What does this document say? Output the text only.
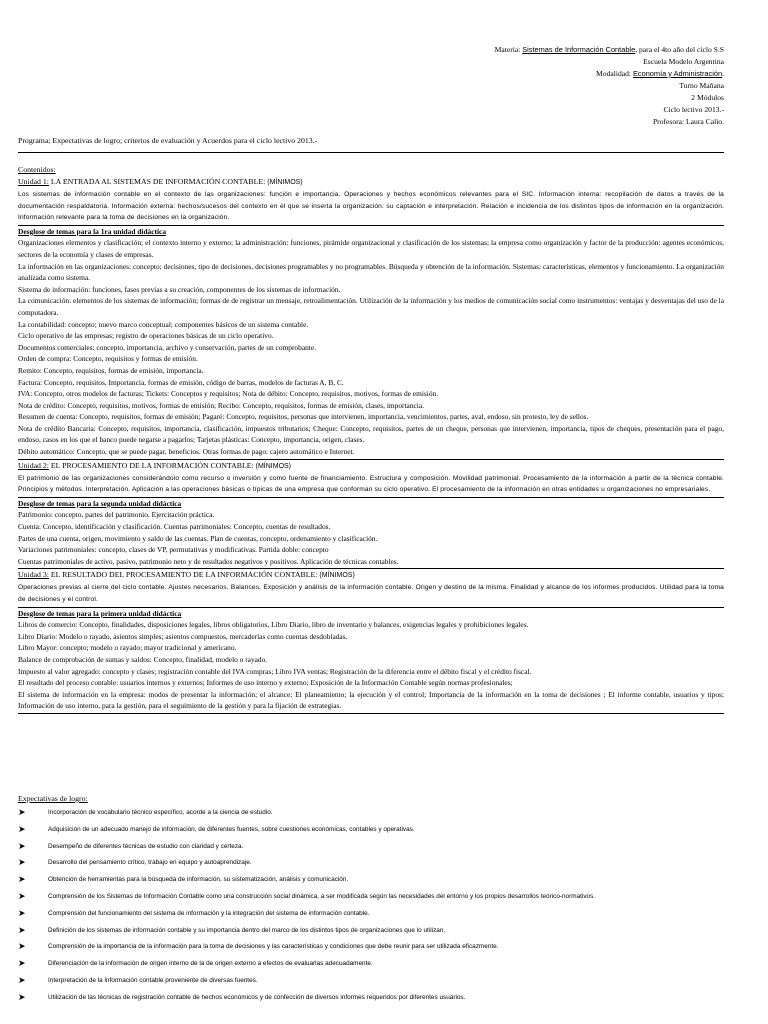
Materia: Sistemas de Información Contable, para el 4to año del ciclo S.S
Escuela Modelo Argentina
Modalidad: Economía y Administración.
Turno Mañana
2 Módulos
Ciclo lectivo 2013.-
Profesora: Laura Calio.
Programa; Expectativas de logro; criterios de evaluación y Acuerdos para el ciclo lectivo 2013.-
Contenidos:
Unidad 1: LA ENTRADA AL SISTEMAS DE INFORMACIÓN CONTABLE: (MÍNIMOS)
Los sistemas de información contable en el contexto de las organizaciones: función e importancia. Operaciones y hechos económicos relevantes para el SIC. Información interna: recopilación de datos a través de la documentación respaldatoria. Información externa: hechos/sucesos del contexto en el que se inserta la organización: su captación e interpretación. Relación e incidencia de los distintos tipos de información en la organización. Información relevante para la toma de decisiones en la organización.
Desglose de temas para la 1ra unidad didáctica
Organizaciones elementos y clasificación; el contexto interno y externo; la administración: funciones, pirámide organizacional y clasificación de los sistemas; la empresa como organización y factor de la producción: agentes económicos, sectores de la economía y clases de empresas.
La información en las organizaciones: concepto; decisiones, tipo de decisiones, decisiones programables y no programables. Búsqueda y obtención de la información. Sistemas: características, elementos y funcionamiento. La organización analizada como sistema.
Sistema de información: funciones, fases previas a su creación, componentes de los sistemas de información.
La comunicación: elementos de los sistemas de información; formas de de registrar un mensaje, retroalimentación. Utilización de la información y los medios de comunicación social como instrumentos: ventajas y desventajas del uso de la computadora.
La contabilidad: concepto; nuevo marco conceptual; componentes básicos de un sistema contable.
Ciclo operativo de las empresas; registro de operaciones básicas de un ciclo operativo.
Documentos comerciales: concepto, importancia, archivo y conservación, partes de un comprobante.
Orden de compra: Concepto, requisitos y formas de emisión.
Remito: Concepto, requisitos, formas de emisión, importancia.
Factura: Concepto, requisitos, Importancia, formas de emisión, código de barras, modelos de facturas A, B, C.
IVA: Concepto, otros modelos de facturas; Tickets: Conceptos y requisitos; Nota de débito: Concepto, requisitos, motivos, formas de emisión.
Nota de crédito: Concepto, requisitos, motivos, formas de emisión; Recibo: Concepto, requisitos, formas de emisión, clases, importancia.
Resumen de cuenta: Concepto, requisitos, formas de emisión; Pagaré: Concepto, requisitos, personas que intervienen, importancia, vencimientos, partes, aval, endoso, sin protesto, ley de sellos.
Nota de crédito Bancaria: Concepto, requisitos, importancia, clasificación, impuestos tributarios; Cheque: Concepto, requisitos, partes de un cheque, personas que intervienen, importancia, tipos de cheques, presentación para el pago, endoso, casos en los que el banco puede negarse a pagarlos; Tarjetas plásticas: Concepto, importancia, origen, clases.
Débito automático: Concepto, que se puede pagar, beneficios. Otras formas de pago: cajero automático e Internet.
Unidad 2: EL PROCESAMIENTO DE LA INFORMACIÓN CONTABLE: (MÍNIMOS)
El patrimonio de las organizaciones considerándolo como recurso o inversión y como fuente de financiamiento. Estructura y composición. Movilidad patrimonial. Procesamiento de la información a partir de la técnica contable. Principios y métodos. Interpretación. Aplicación a las operaciones básicas o típicas de una empresa que conforman su ciclo operativo. El procesamiento de la información en otras entidades u organizaciones no empresariales.
Desglose de temas para la segunda unidad didáctica
Patrimonio: concepto, partes del patrimonio. Ejercitación práctica.
Cuenta: Concepto, identificación y clasificación. Cuentas patrimoniales: Concepto, cuentas de resultados.
Partes de una cuenta, origen, movimiento y saldo de las cuentas. Plan de cuentas, concepto, ordenamiento y clasificación.
Variaciones patrimoniales: concepto, clases de VP, permutativas y modificativas. Partida doble: concepto
Cuentas patrimoniales de activo, pasivo, patrimonio neto y de resultados negativos y positivos. Aplicación de técnicas contables.
Unidad 3: EL RESULTADO DEL PROCESAMIENTO DE LA INFORMACIÓN CONTABLE: (MÍNIMOS)
Operaciones previas al cierre del ciclo contable. Ajustes necesarios. Balances. Exposición y análisis de la información contable. Origen y destino de la misma. Finalidad y alcance de los informes producidos. Utilidad para la toma de decisiones y el control.
Desglose de temas para la primera unidad didáctica
Libros de comercio: Concepto, finalidades, disposiciones legales, libros obligatorios, Libro Diario, libro de inventario y balances, exigencias legales y prohibiciones legales.
Libro Diario: Modelo o rayado, asientos simples; asientos compuestos, mercaderías como cuentas desdobladas.
Libro Mayor: concepto; modelo o rayado; mayor tradicional y americano.
Balance de comprobación de sumas y saldos: Concepto, finalidad, modelo o rayado.
Impuesto al valor agregado: concepto y clases; registración contable del IVA compras; Libro IVA ventas; Registración de la diferencia entre el débito fiscal y el crédito fiscal.
El resultado del proceso contable: usuarios internos y externos; Informes de uso interno y externo; Exposición de la Información Contable según normas profesionales;
El sistema de información en la empresa: modos de presentar la información; el alcance; El planeamiento; la ejecución y el control; Importancia de la información en la toma de decisiones ; El informe contable, usuarios y tipos; Información de uso interno, para la gestión, para el seguimiento de la gestión y para la fijación de estrategias.
Expectativas de logro:
➤	Incorporación de vocabulario técnico específico, acorde a la ciencia de estudio.
➤	Adquisición de un adecuado manejo de información, de diferentes fuentes, sobre cuestiones económicas, contables y operativas.
➤	Desempeño de diferentes técnicas de estudio con claridad y certeza.
➤	Desarrollo del pensamiento crítico, trabajo en equipo y autoaprendizaje.
➤	Obtención de herramientas para la búsqueda de información, su sistematización, análisis y comunicación.
➤	Comprensión de los Sistemas de Información Contable como una construcción social dinámica, a ser modificada según las necesidades del entorno y los propios desarrollos teórico-normativos.
➤	Comprensión del funcionamiento del sistema de información y la integración del sistema de información contable.
➤	Definición de los sistemas de información contable y su importancia dentro del marco de los distintos tipos de organizaciones que lo utilizan.
➤	Comprensión de la importancia de la información para la toma de decisiones y las características y condiciones que debe reunir para ser utilizada eficazmente.
➤	Diferenciación de la información de origen interno de la de origen externo a efectos de evaluarlas adecuadamente.
➤	Interpretación de la información contable proveniente de diversas fuentes.
➤	Utilización de las técnicas de registración contable de hechos económicos y de confección de diversos informes requeridos por diferentes usuarios.
